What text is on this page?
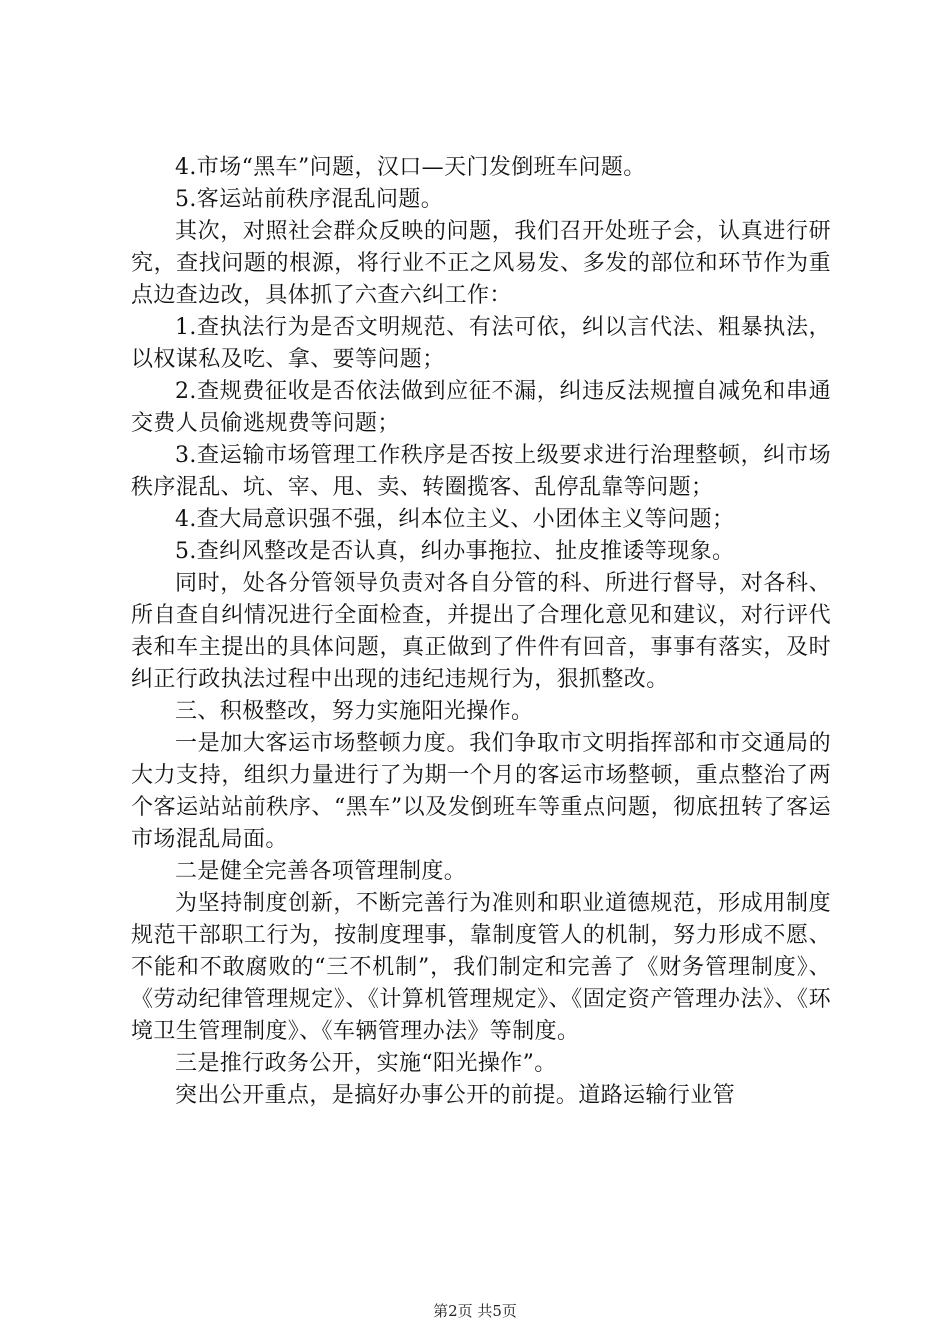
4.市场“黑车”问题，汉口—天门发倒班车问题。

5.客运站前秩序混乱问题。

其次，对照社会群众反映的问题，我们召开处班子会，认真进行研究，查找问题的根源，将行业不正之风易发、多发的部位和环节作为重点边查边改，具体抓了六查六纠工作：

1.查执法行为是否文明规范、有法可依，纠以言代法、粗暴执法，以权谋私及吃、拿、要等问题；

2.查规费征收是否依法做到应征不漏，纠违反法规擅自减免和串通交费人员偷逃规费等问题；

3.查运输市场管理工作秩序是否按上级要求进行治理整顿，纠市场秩序混乱、坑、宰、甩、卖、转圈揽客、乱停乱靠等问题；

4.查大局意识强不强，纠本位主义、小团体主义等问题；

5.查纠风整改是否认真，纠办事拖拉、扯皮推诿等现象。

同时，处各分管领导负责对各自分管的科、所进行督导，对各科、所自查自纠情况进行全面检查，并提出了合理化意见和建议，对行评代表和车主提出的具体问题，真正做到了件件有回音，事事有落实，及时纠正行政执法过程中出现的违纪违规行为，狠抓整改。

三、积极整改，努力实施阳光操作。

一是加大客运市场整顿力度。我们争取市文明指挥部和市交通局的大力支持，组织力量进行了为期一个月的客运市场整顿，重点整治了两个客运站站前秩序、“黑车”以及发倒班车等重点问题，彻底扭转了客运市场混乱局面。

二是健全完善各项管理制度。

为坚持制度创新，不断完善行为准则和职业道德规范，形成用制度规范干部职工行为，按制度理事，靠制度管人的机制，努力形成不愿、不能和不敢腐败的“三不机制”，我们制定和完善了《财务管理制度》、《劳动纪律管理规定》、《计算机管理规定》、《固定资产管理办法》、《环境卫生管理制度》、《车辆管理办法》等制度。

三是推行政务公开，实施“阳光操作”。

突出公开重点，是搞好办事公开的前提。道路运输行业管

第2页 共5页
